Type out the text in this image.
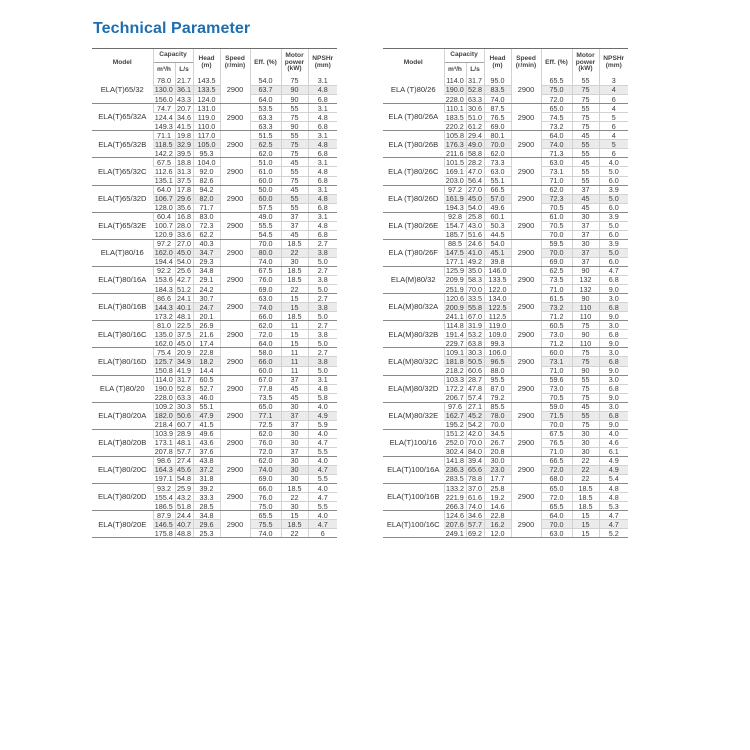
Technical Parameter
Model	Capacity		Head (m)	Speed (r/min)	Eff. (%)	Motor power (kW)	NPSHr (mm)
	m³/h	L/s					
ELA(T)65/32	78.0	21.7	143.5	2900	54.0	75	3.1
	130.0	36.1	133.5		63.7	90	4.8
	156.0	43.3	124.0		64.0	90	6.8
ELA(T)65/32A	74.7	20.7	131.0	2900	53.5	55	3.1
	124.4	34.6	119.0		63.3	75	4.8
	149.3	41.5	110.0		63.3	90	6.8
ELA(T)65/32B	71.1	19.8	117.0	2900	51.5	55	3.1
	118.5	32.9	105.0		62.5	75	4.8
	142.2	39.5	95.3		62.0	75	6.8
ELA(T)65/32C	67.5	18.8	104.0	2900	51.0	45	3.1
	112.6	31.3	92.0		61.0	55	4.8
	135.1	37.5	82.6		60.0	75	6.8
ELA(T)65/32D	64.0	17.8	94.2	2900	50.0	45	3.1
	106.7	29.6	82.0		60.0	55	4.8
	128.0	35.6	71.7		57.5	55	6.8
ELA(T)65/32E	60.4	16.8	83.0	2900	49.0	37	3.1
	100.7	28.0	72.3		55.5	37	4.8
	120.9	33.6	62.2		54.5	45	6.8
ELA(T)80/16	97.2	27.0	40.3	2900	70.0	18.5	2.7
	162.0	45.0	34.7		80.0	22	3.8
	194.4	54.0	29.3		74.0	30	5.0
ELA(T)80/16A	92.2	25.6	34.8	2900	67.5	18.5	2.7
	153.6	42.7	29.1		76.0	18.5	3.8
	184.3	51.2	24.2		69.0	22	5.0
ELA(T)80/16B	86.6	24.1	30.7	2900	63.0	15	2.7
	144.3	40.1	24.7		74.0	15	3.8
	173.2	48.1	20.1		66.0	18.5	5.0
ELA(T)80/16C	81.0	22.5	26.9	2900	62.0	11	2.7
	135.0	37.5	21.6		72.0	15	3.8
	162.0	45.0	17.4		64.0	15	5.0
ELA(T)80/16D	75.4	20.9	22.8	2900	58.0	11	2.7
	125.7	34.9	18.2		66.0	11	3.8
	150.8	41.9	14.4		60.0	11	5.0
ELA (T)80/20	114.0	31.7	60.5	2900	67.0	37	3.1
	190.0	52.8	52.7		77.8	45	4.8
	228.0	63.3	46.0		73.5	45	5.8
ELA(T)80/20A	109.2	30.3	55.1	2900	65.0	30	4.0
	182.0	50.6	47.9		77.1	37	4.9
	218.4	60.7	41.5		72.5	37	5.9
ELA(T)80/20B	103.9	28.9	49.6	2900	62.0	30	4.0
	173.1	48.1	43.6		76.0	30	4.7
	207.8	57.7	37.6		72.0	37	5.5
ELA(T)80/20C	98.6	27.4	43.8	2900	62.0	30	4.0
	164.3	45.6	37.2		74.0	30	4.7
	197.1	54.8	31.8		69.0	30	5.5
ELA(T)80/20D	93.2	25.9	39.2	2900	66.0	18.5	4.0
	155.4	43.2	33.3		76.0	22	4.7
	186.5	51.8	28.5		75.0	30	5.5
ELA(T)80/20E	87.9	24.4	34.8	2900	65.5	15	4.0
	146.5	40.7	29.6		75.5	18.5	4.7
	175.8	48.8	25.3		74.0	22	6
Model	Capacity		Head (m)	Speed (r/min)	Eff. (%)	Motor power (kW)	NPSHr (mm)
	m³/h	L/s					
ELA (T)80/26	114.0	31.7	95.0	2900	65.5	55	3
	190.0	52.8	83.5		75.0	75	4
	228.0	63.3	74.0		72.0	75	6
ELA (T)80/26A	110.1	30.6	87.5	2900	65.0	55	4
	183.5	51.0	76.5		74.5	75	5
	220.2	61.2	69.0		73.2	75	6
ELA (T)80/26B	105.8	29.4	80.1	2900	64.0	45	4
	176.3	49.0	70.0		74.0	55	5
	211.6	58.8	62.0		71.3	55	6
ELA (T)80/26C	101.5	28.2	73.3	2900	63.0	45	4.0
	169.1	47.0	63.0		73.1	55	5.0
	203.0	56.4	55.1		71.0	55	6.0
ELA (T)80/26D	97.2	27.0	66.5	2900	62.0	37	3.9
	161.9	45.0	57.0		72.3	45	5.0
	194.3	54.0	49.6		70.5	45	6.0
ELA (T)80/26E	92.8	25.8	60.1	2900	61.0	30	3.9
	154.7	43.0	50.3		70.5	37	5.0
	185.7	51.6	44.5		70.0	37	6.0
ELA (T)80/26F	88.5	24.6	54.0	2900	59.5	30	3.9
	147.5	41.0	45.1		70.0	37	5.0
	177.1	49.2	39.8		69.0	37	6.0
ELA(M)80/32	125.9	35.0	146.0	2900	62.5	90	4.7
	209.9	58.3	133.5		73.5	132	6.8
	251.9	70.0	122.0		71.0	132	9.0
ELA(M)80/32A	120.6	33.5	134.0	2900	61.5	90	3.0
	200.9	55.8	122.5		73.2	110	6.8
	241.1	67.0	112.5		71.2	110	9.0
ELA(M)80/32B	114.8	31.9	119.0	2900	60.5	75	3.0
	191.4	53.2	109.0		73.0	90	6.8
	229.7	63.8	99.3		71.2	110	9.0
ELA(M)80/32C	109.1	30.3	106.0	2900	60.0	75	3.0
	181.8	50.5	96.5		73.1	75	6.8
	218.2	60.6	88.0		71.0	90	9.0
ELA(M)80/32D	103.3	28.7	95.5	2900	59.6	55	3.0
	172.2	47.8	87.0		73.0	75	6.8
	206.7	57.4	79.2		70.5	75	9.0
ELA(M)80/32E	97.6	27.1	85.5	2900	59.0	45	3.0
	162.7	45.2	78.0		71.5	55	6.8
	195.2	54.2	70.0		70.0	75	9.0
ELA(T)100/16	151.2	42.0	34.5	2900	67.5	30	4.0
	252.0	70.0	26.7		76.5	30	4.6
	302.4	84.0	20.8		71.0	30	6.1
ELA(T)100/16A	141.8	39.4	30.0	2900	66.5	22	4.9
	236.3	65.6	23.0		72.0	22	4.9
	283.5	78.8	17.7		68.0	22	5.4
ELA(T)100/16B	133.2	37.0	25.8	2900	65.0	18.5	4.8
	221.9	61.6	19.2		72.0	18.5	4.8
	266.3	74.0	14.6		65.5	18.5	5.3
ELA(T)100/16C	124.6	34.6	22.8	2900	64.0	15	4.7
	207.6	57.7	16.2		70.0	15	4.7
	249.1	69.2	12.0		63.0	15	5.2
